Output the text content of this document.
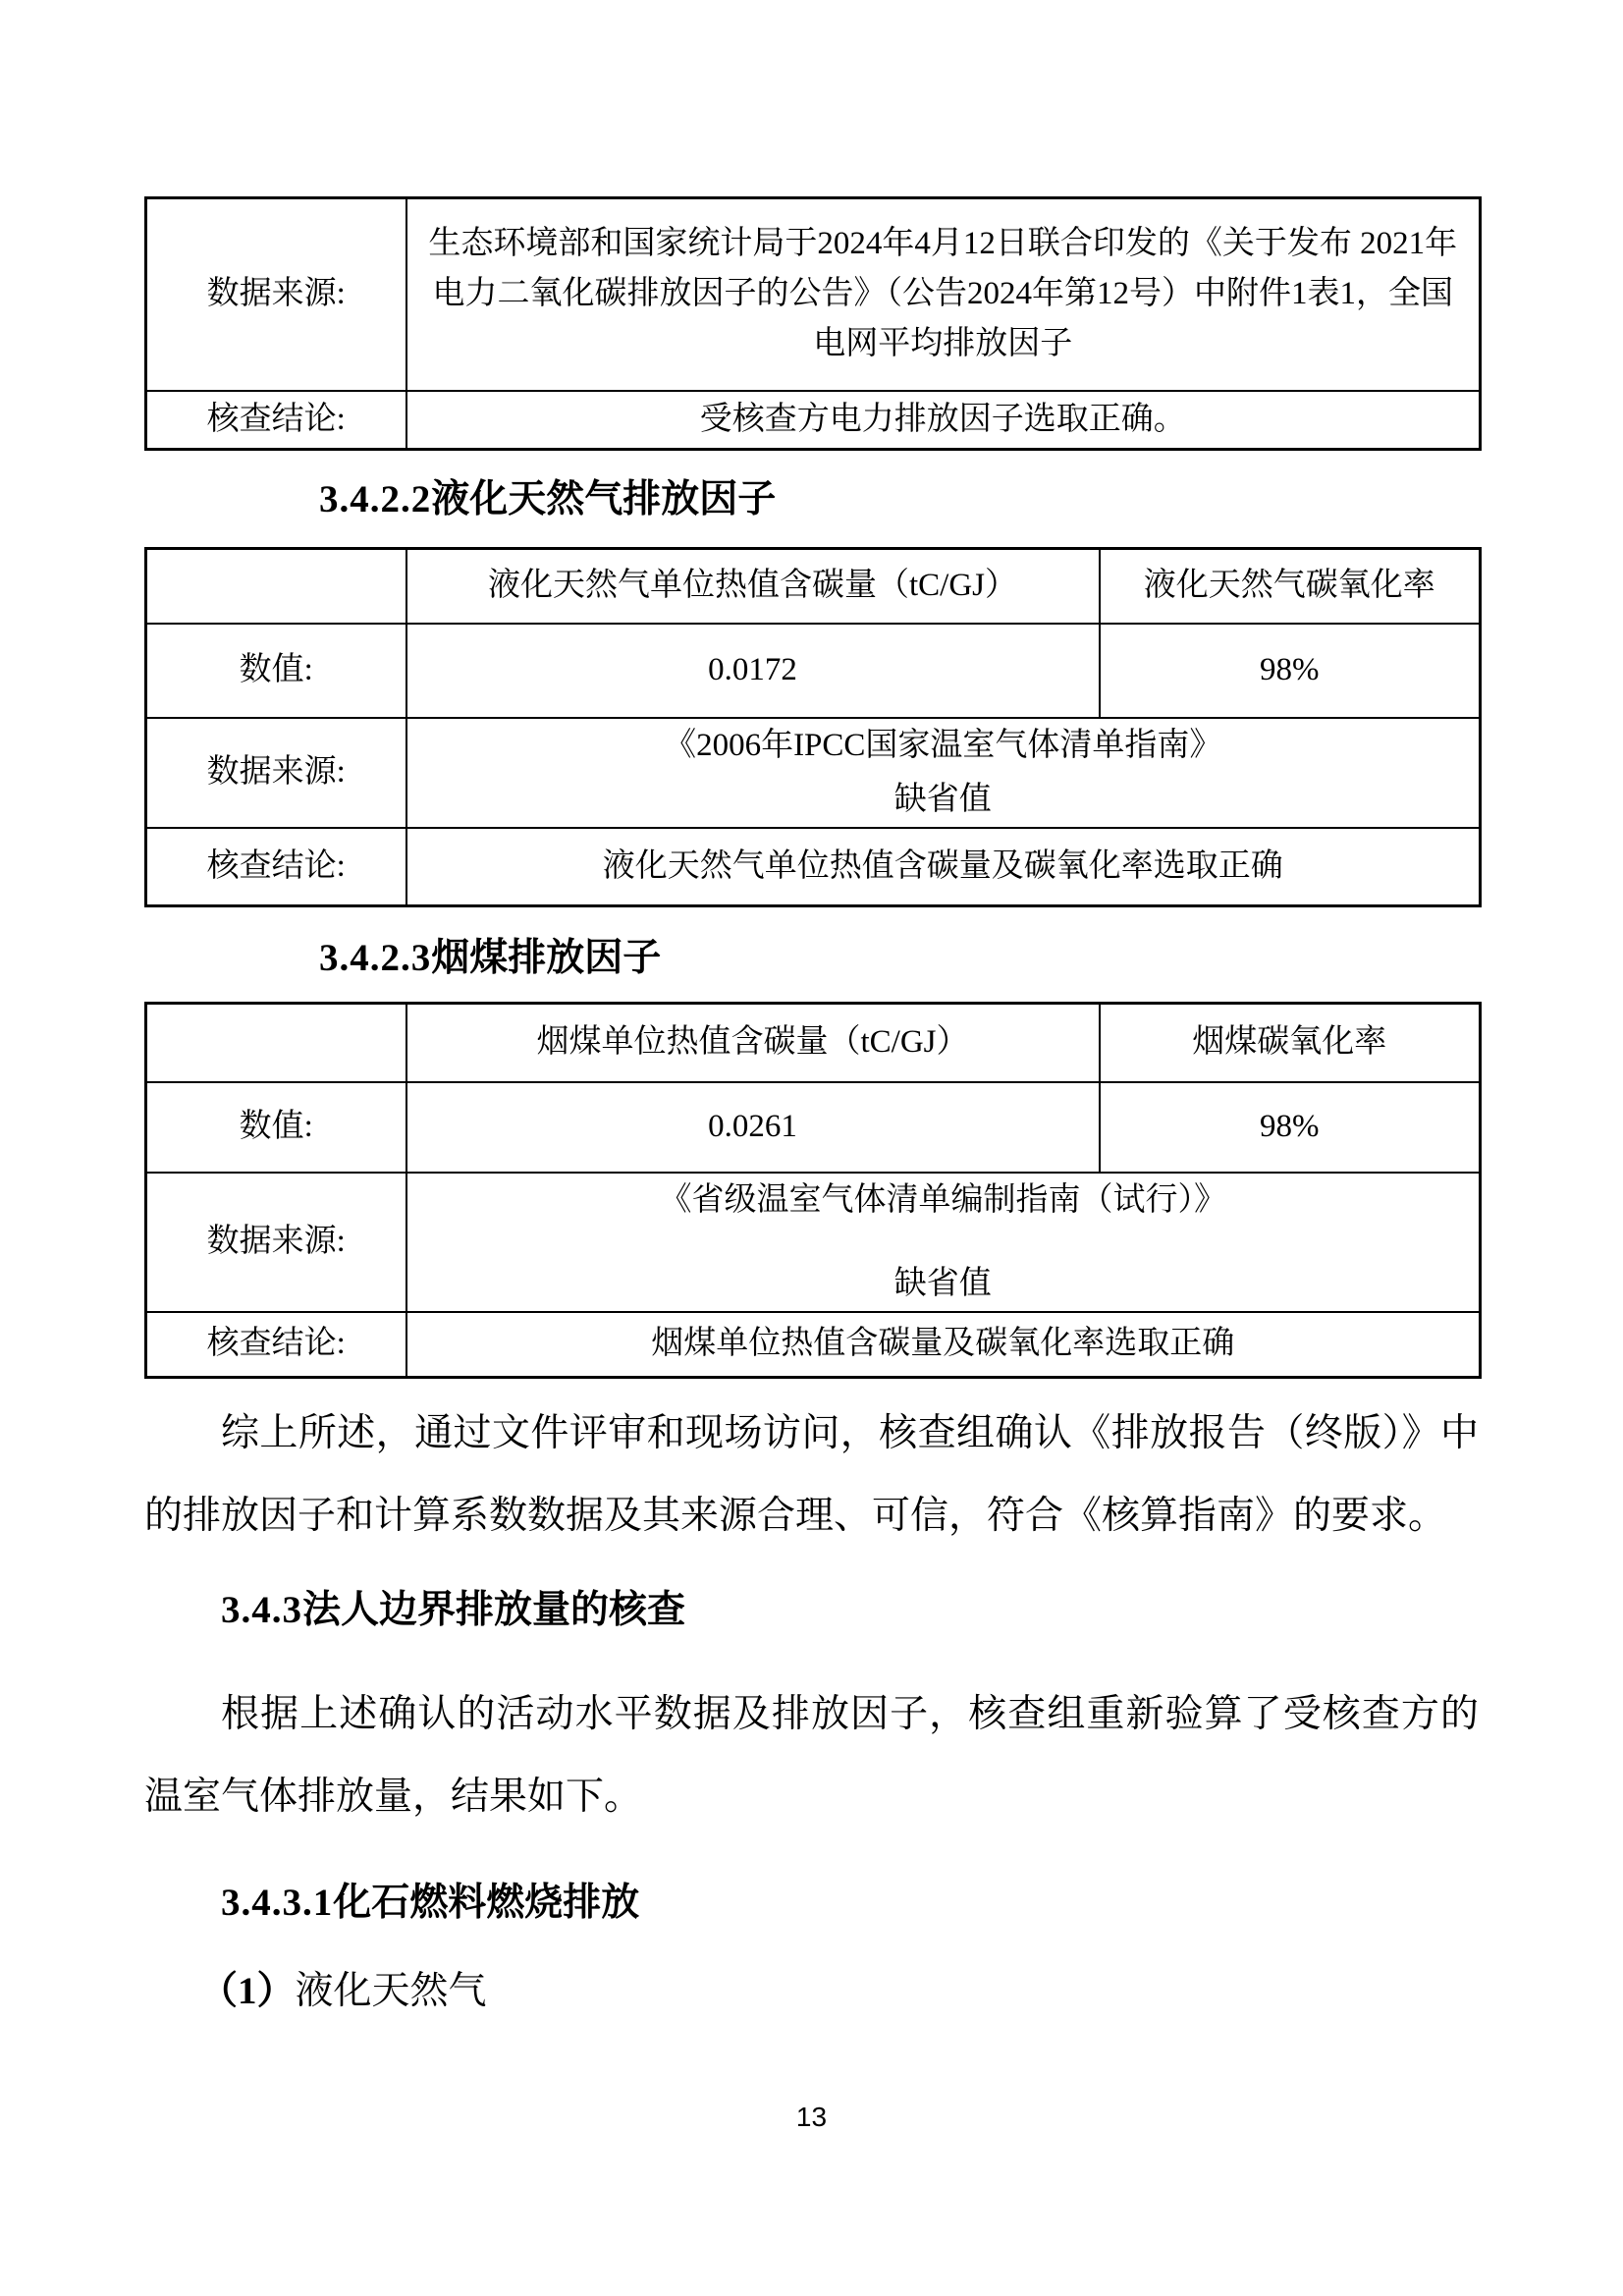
数据来源:	生态环境部和国家统计局于2024年4月12日联合印发的《关于发布 2021年电力二氧化碳排放因子的公告》（公告2024年第12号）中附件1表1，全国电网平均排放因子
核查结论:	受核查方电力排放因子选取正确。
3.4.2.2液化天然气排放因子
	液化天然气单位热值含碳量（tC/GJ）	液化天然气碳氧化率
数值:	0.0172	98%
数据来源:	《2006年IPCC国家温室气体清单指南》
缺省值	

核查结论:	液化天然气单位热值含碳量及碳氧化率选取正确	
3.4.2.3烟煤排放因子
	烟煤单位热值含碳量（tC/GJ）	烟煤碳氧化率
数值:	0.0261	98%
数据来源:	《省级温室气体清单编制指南（试行）》
缺省值	

核查结论:	烟煤单位热值含碳量及碳氧化率选取正确	

综上所述，通过文件评审和现场访问，核查组确认《排放报告（终版）》中的排放因子和计算系数数据及其来源合理、可信，符合《核算指南》的要求。

3.4.3法人边界排放量的核查

根据上述确认的活动水平数据及排放因子，核查组重新验算了受核查方的温室气体排放量，结果如下。

3.4.3.1化石燃料燃烧排放
（1）液化天然气
13
